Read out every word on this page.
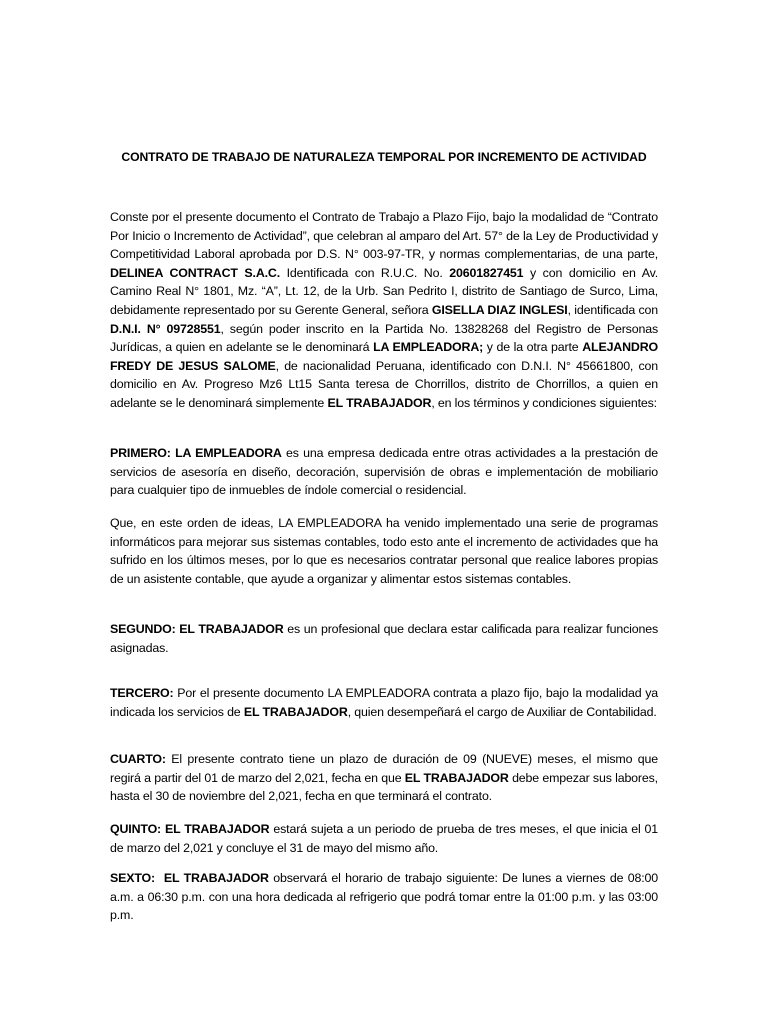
CONTRATO DE TRABAJO DE NATURALEZA TEMPORAL POR INCREMENTO DE ACTIVIDAD

Conste por el presente documento el Contrato de Trabajo a Plazo Fijo, bajo la modalidad de “Contrato Por Inicio o Incremento de Actividad”, que celebran al amparo del Art. 57° de la Ley de Productividad y Competitividad Laboral aprobada por D.S. N° 003-97-TR, y normas complementarias, de una parte, DELINEA CONTRACT S.A.C. Identificada con R.U.C. No. 20601827451 y con domicilio en Av. Camino Real N° 1801, Mz. “A”, Lt. 12, de la Urb. San Pedrito I, distrito de Santiago de Surco, Lima, debidamente representado por su Gerente General, señora GISELLA DIAZ INGLESI, identificada con D.N.I. N° 09728551, según poder inscrito en la Partida No. 13828268 del Registro de Personas Jurídicas, a quien en adelante se le denominará LA EMPLEADORA; y de la otra parte ALEJANDRO FREDY DE JESUS SALOME, de nacionalidad Peruana, identificado con D.N.I. N° 45661800, con domicilio en Av. Progreso Mz6 Lt15 Santa teresa de Chorrillos, distrito de Chorrillos, a quien en adelante se le denominará simplemente EL TRABAJADOR, en los términos y condiciones siguientes:

PRIMERO: LA EMPLEADORA es una empresa dedicada entre otras actividades a la prestación de servicios de asesoría en diseño, decoración, supervisión de obras e implementación de mobiliario para cualquier tipo de inmuebles de índole comercial o residencial.

Que, en este orden de ideas, LA EMPLEADORA ha venido implementado una serie de programas informáticos para mejorar sus sistemas contables, todo esto ante el incremento de actividades que ha sufrido en los últimos meses, por lo que es necesarios contratar personal que realice labores propias de un asistente contable, que ayude a organizar y alimentar estos sistemas contables.

SEGUNDO: EL TRABAJADOR es un profesional que declara estar calificada para realizar funciones asignadas.

TERCERO: Por el presente documento LA EMPLEADORA contrata a plazo fijo, bajo la modalidad ya indicada los servicios de EL TRABAJADOR, quien desempeñará el cargo de Auxiliar de Contabilidad.

CUARTO: El presente contrato tiene un plazo de duración de 09 (NUEVE) meses, el mismo que regirá a partir del 01 de marzo del 2,021, fecha en que EL TRABAJADOR debe empezar sus labores, hasta el 30 de noviembre del 2,021, fecha en que terminará el contrato.

QUINTO: EL TRABAJADOR estará sujeta a un periodo de prueba de tres meses, el que inicia el 01 de marzo del 2,021 y concluye el 31 de mayo del mismo año.

SEXTO: EL TRABAJADOR observará el horario de trabajo siguiente: De lunes a viernes de 08:00 a.m. a 06:30 p.m. con una hora dedicada al refrigerio que podrá tomar entre la 01:00 p.m. y las 03:00 p.m.
